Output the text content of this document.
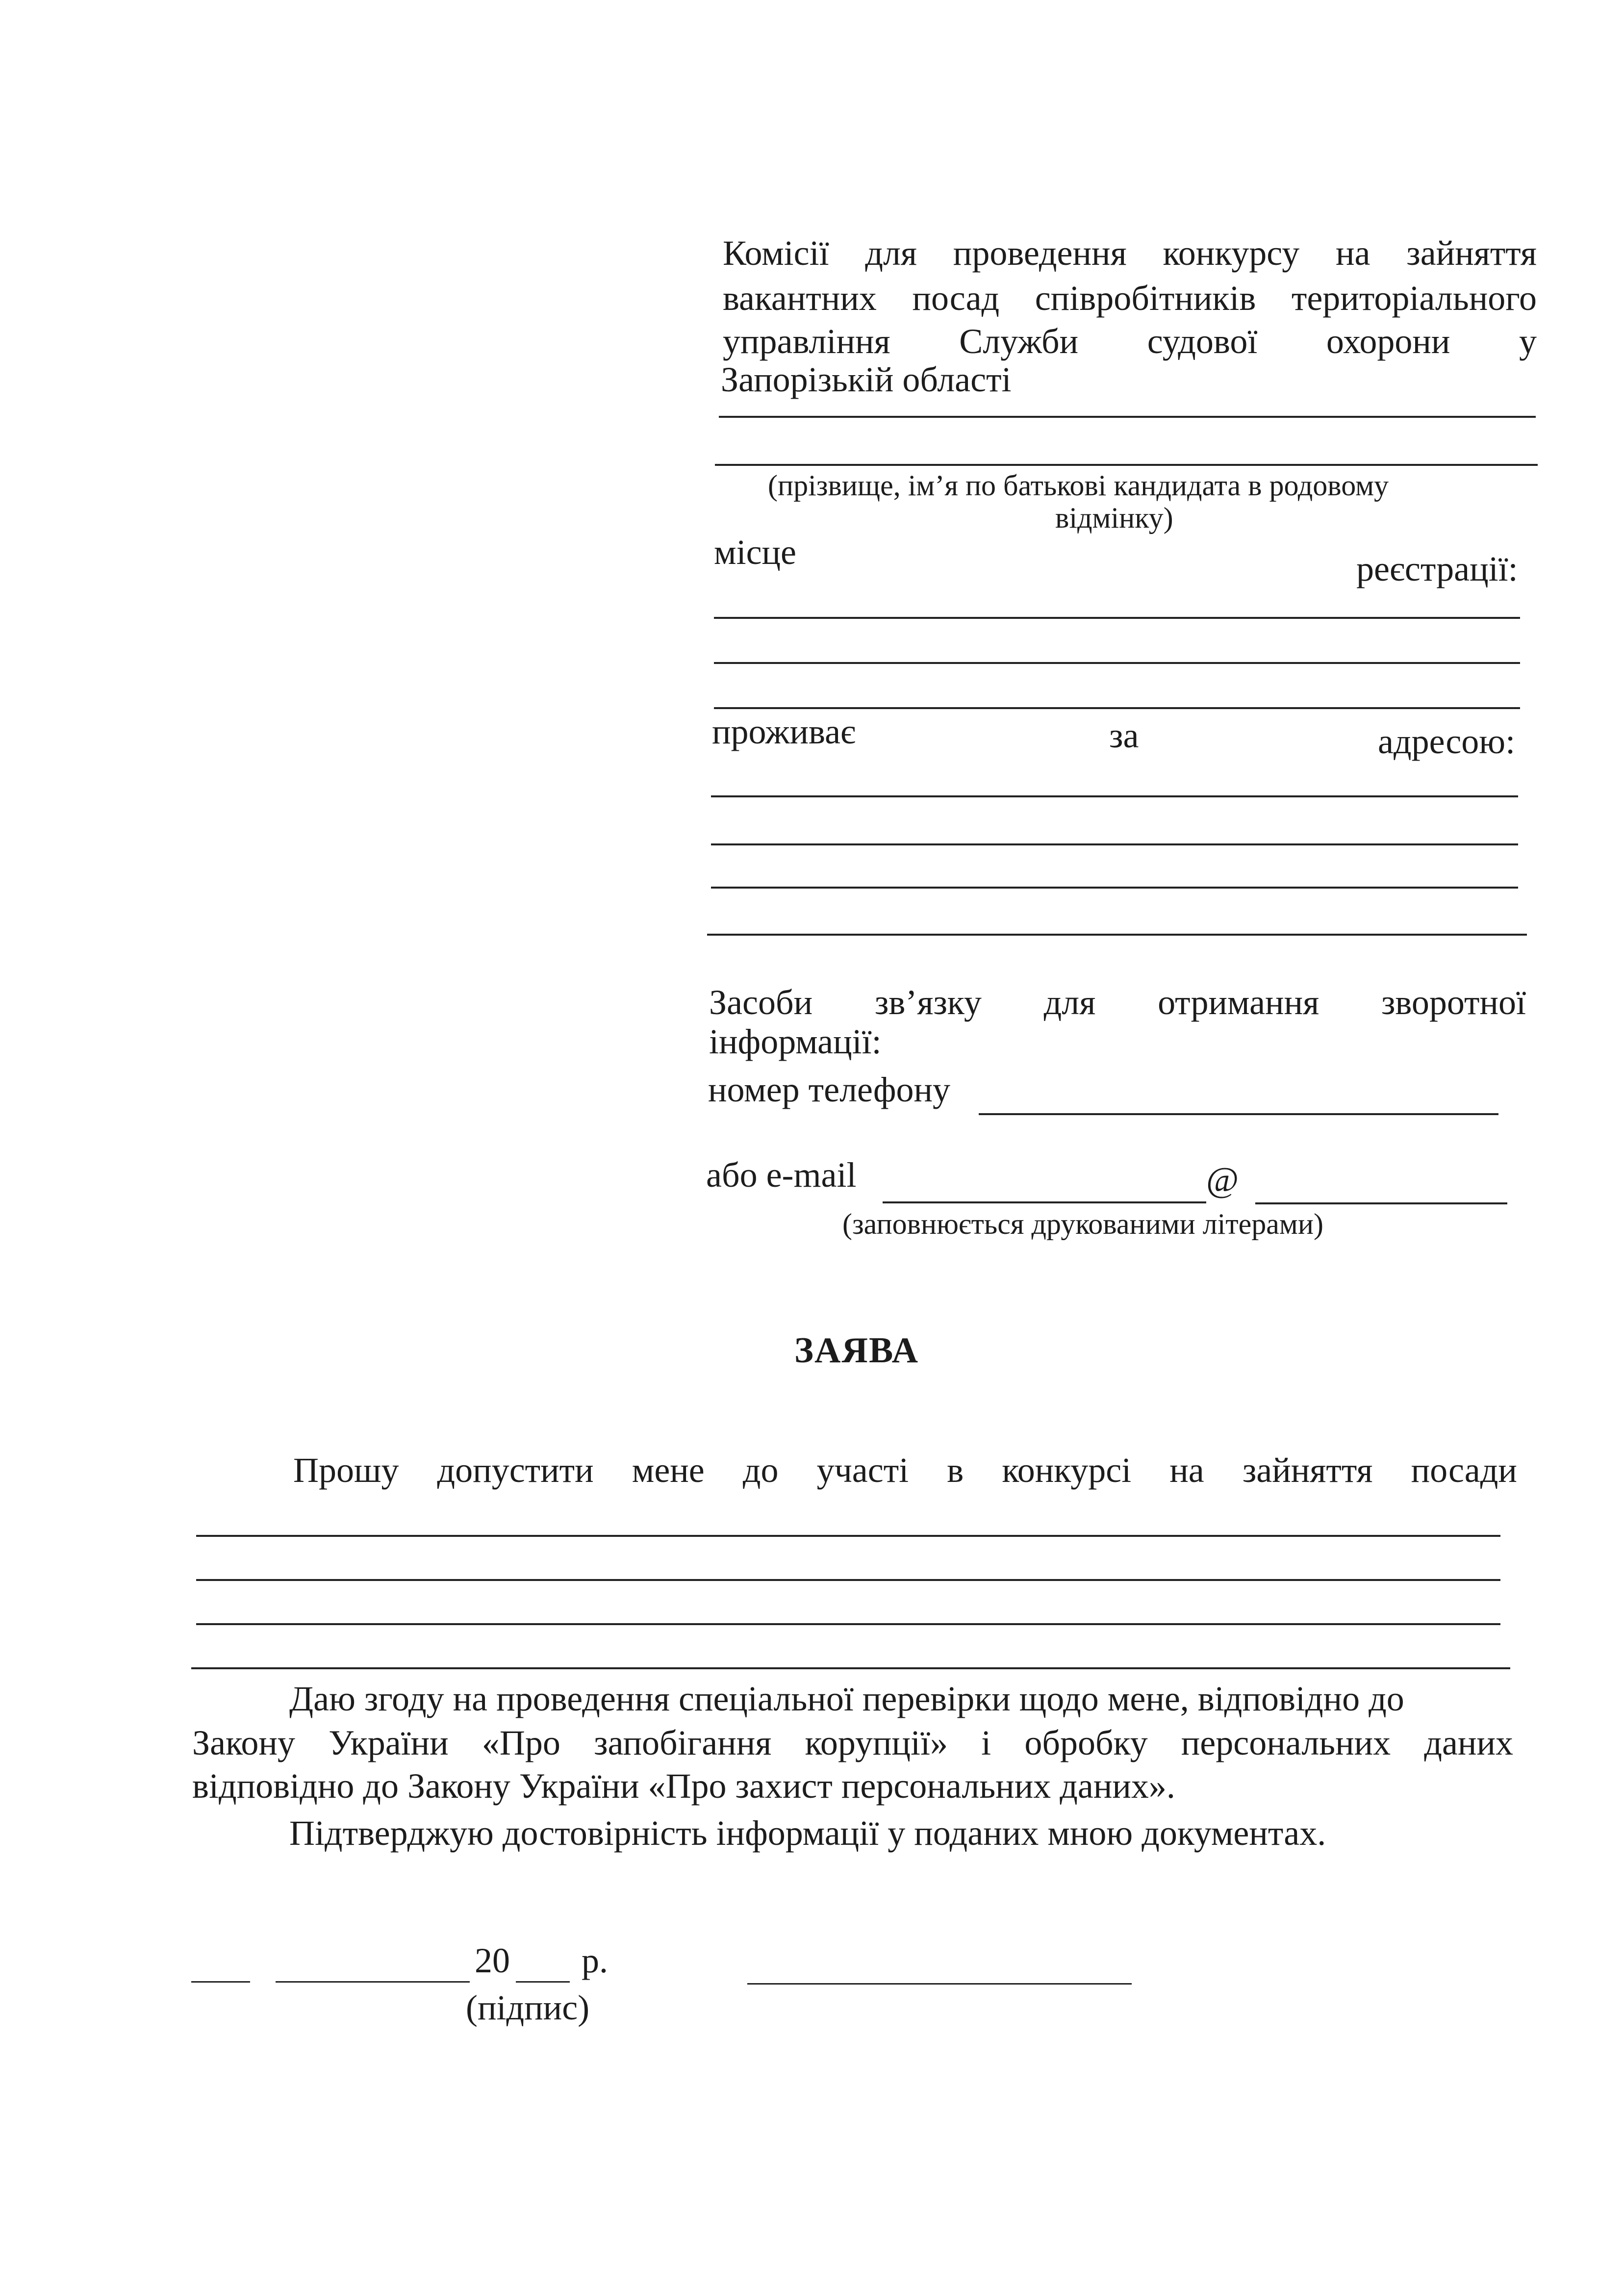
Комісії для проведення конкурсу на зайняття
вакантних посад співробітників територіального
управління Служби судової охорони у
Запорізькій області
(прізвище, ім’я по батькові кандидата в родовому
відмінку)
місце	реєстрації:
проживає	за	адресою:
Засоби зв’язку для отримання зворотної
інформації:
номер телефону
або e-mail	@
(заповнюється друкованими літерами)
ЗАЯВА
Прошу допустити мене до участі в конкурсі на зайняття посади
Даю згоду на проведення спеціальної перевірки щодо мене, відповідно до
Закону України «Про запобігання корупції» і обробку персональних даних
відповідно до Закону України «Про захист персональних даних».
Підтверджую достовірність інформації у поданих мною документах.
20 р.
(підпис)
